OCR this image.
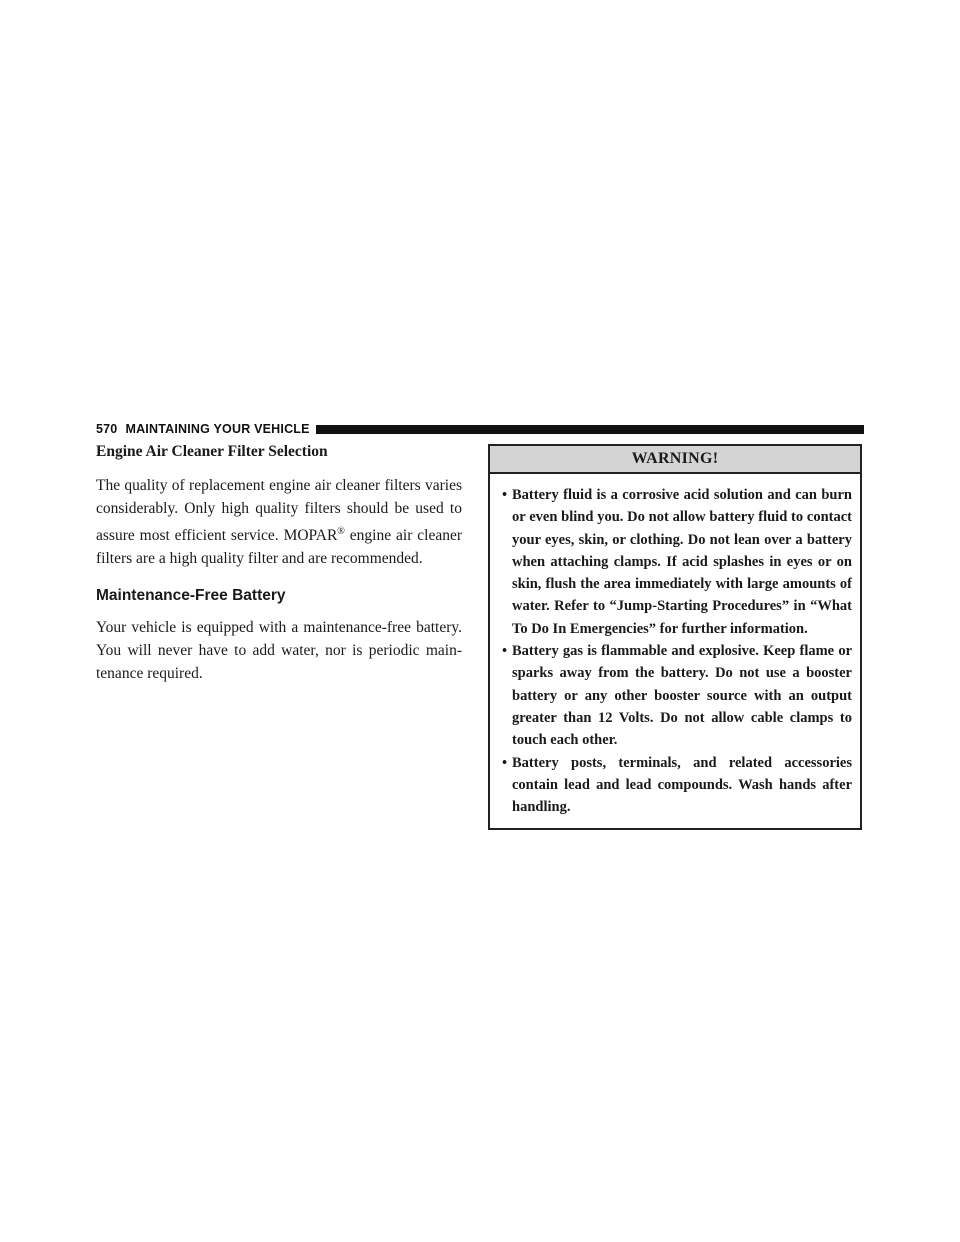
570 MAINTAINING YOUR VEHICLE
Engine Air Cleaner Filter Selection

The quality of replacement engine air cleaner filters varies considerably. Only high quality filters should be used to assure most efficient service. MOPAR® engine air cleaner filters are a high quality filter and are recommended.

Maintenance-Free Battery

Your vehicle is equipped with a maintenance-free battery. You will never have to add water, nor is periodic maintenance required.

WARNING!
• Battery fluid is a corrosive acid solution and can burn or even blind you. Do not allow battery fluid to contact your eyes, skin, or clothing. Do not lean over a battery when attaching clamps. If acid splashes in eyes or on skin, flush the area immediately with large amounts of water. Refer to “Jump-Starting Procedures” in “What To Do In Emergencies” for further information.
• Battery gas is flammable and explosive. Keep flame or sparks away from the battery. Do not use a booster battery or any other booster source with an output greater than 12 Volts. Do not allow cable clamps to touch each other.
• Battery posts, terminals, and related accessories contain lead and lead compounds. Wash hands after handling.
